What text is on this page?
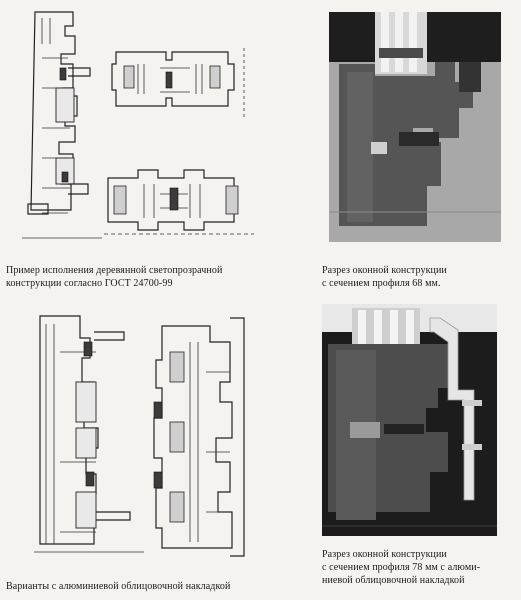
Пример исполнения деревянной светопрозрачной
конструкции согласно ГОСТ 24700-99
Разрез оконной конструкции
с сечением профиля 68 мм.
Разрез оконной конструкции
с сечением профиля 78 мм с алюми-
ниевой облицовочной накладкой
Варианты с алюминиевой облицовочной накладкой
